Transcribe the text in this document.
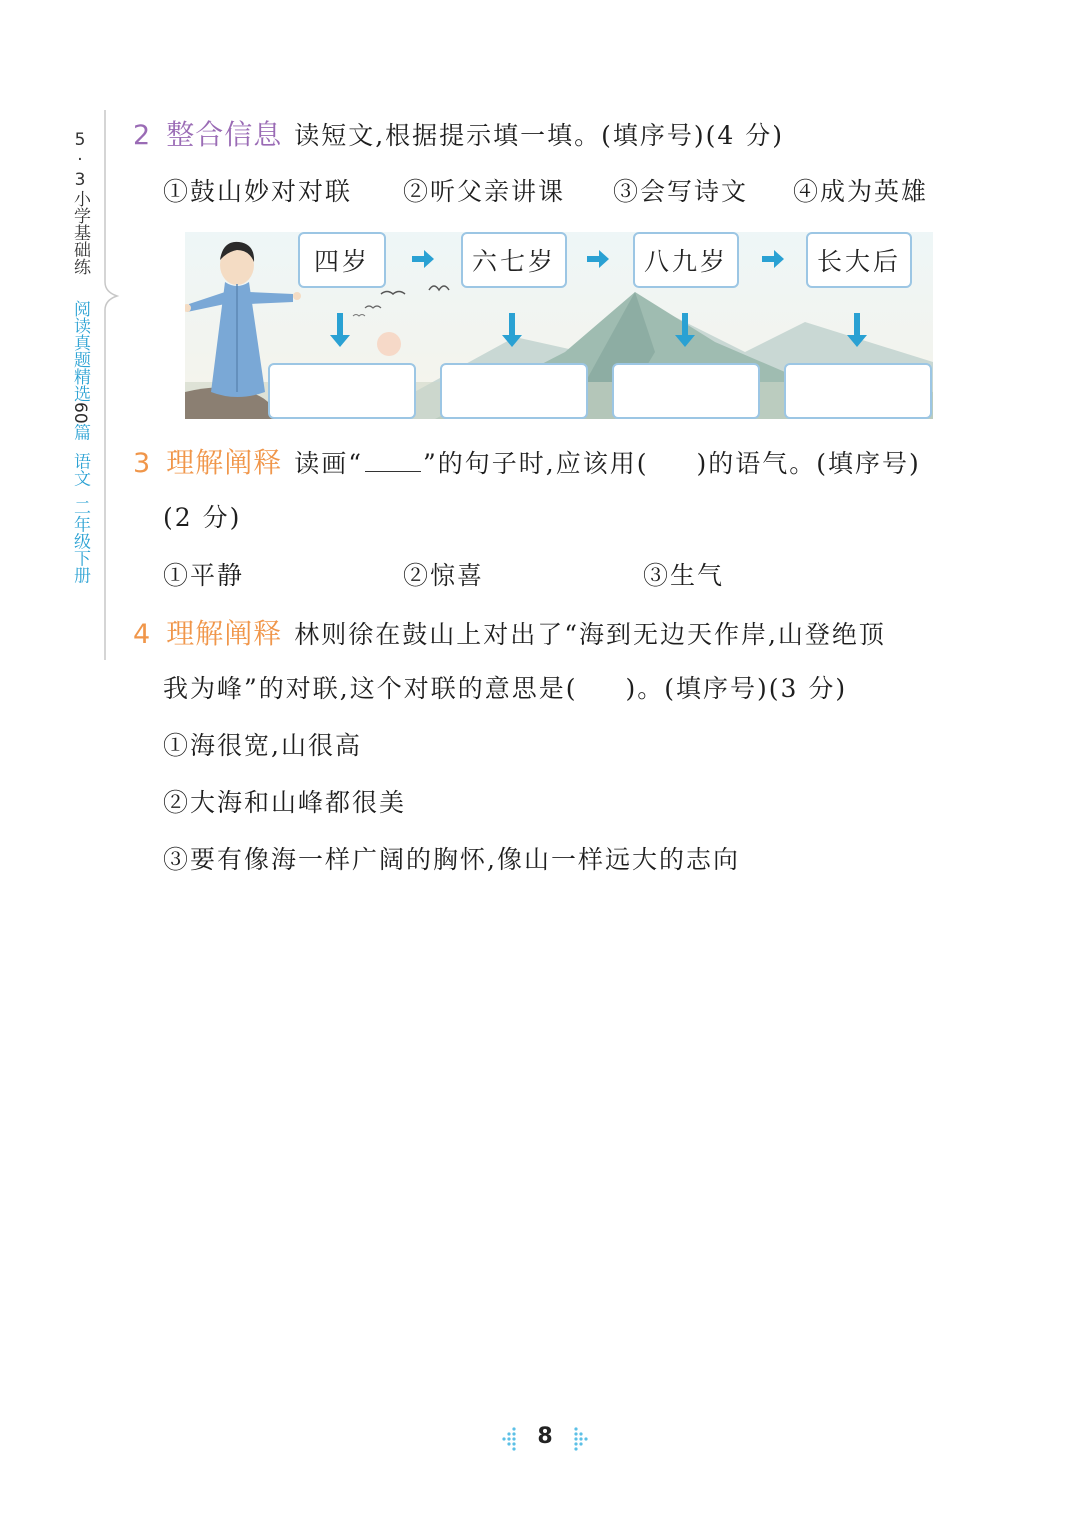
5·3小学基础练
阅读真题精选60篇语文二年级下册
2 整合信息 读短文,根据提示填一填。(填序号)(4 分)
①鼓山妙对对联 ②听父亲讲课 ③会写诗文 ④成为英雄
四岁	六七岁	八九岁	长大后
3 理解阐释 读画“ ”的句子时,应该用( )的语气。(填序号)
(2 分)
①平静	②惊喜	③生气
4 理解阐释 林则徐在鼓山上对出了“海到无边天作岸,山登绝顶
我为峰”的对联,这个对联的意思是( )。(填序号)(3 分)
①海很宽,山很高
②大海和山峰都很美
③要有像海一样广阔的胸怀,像山一样远大的志向
8
